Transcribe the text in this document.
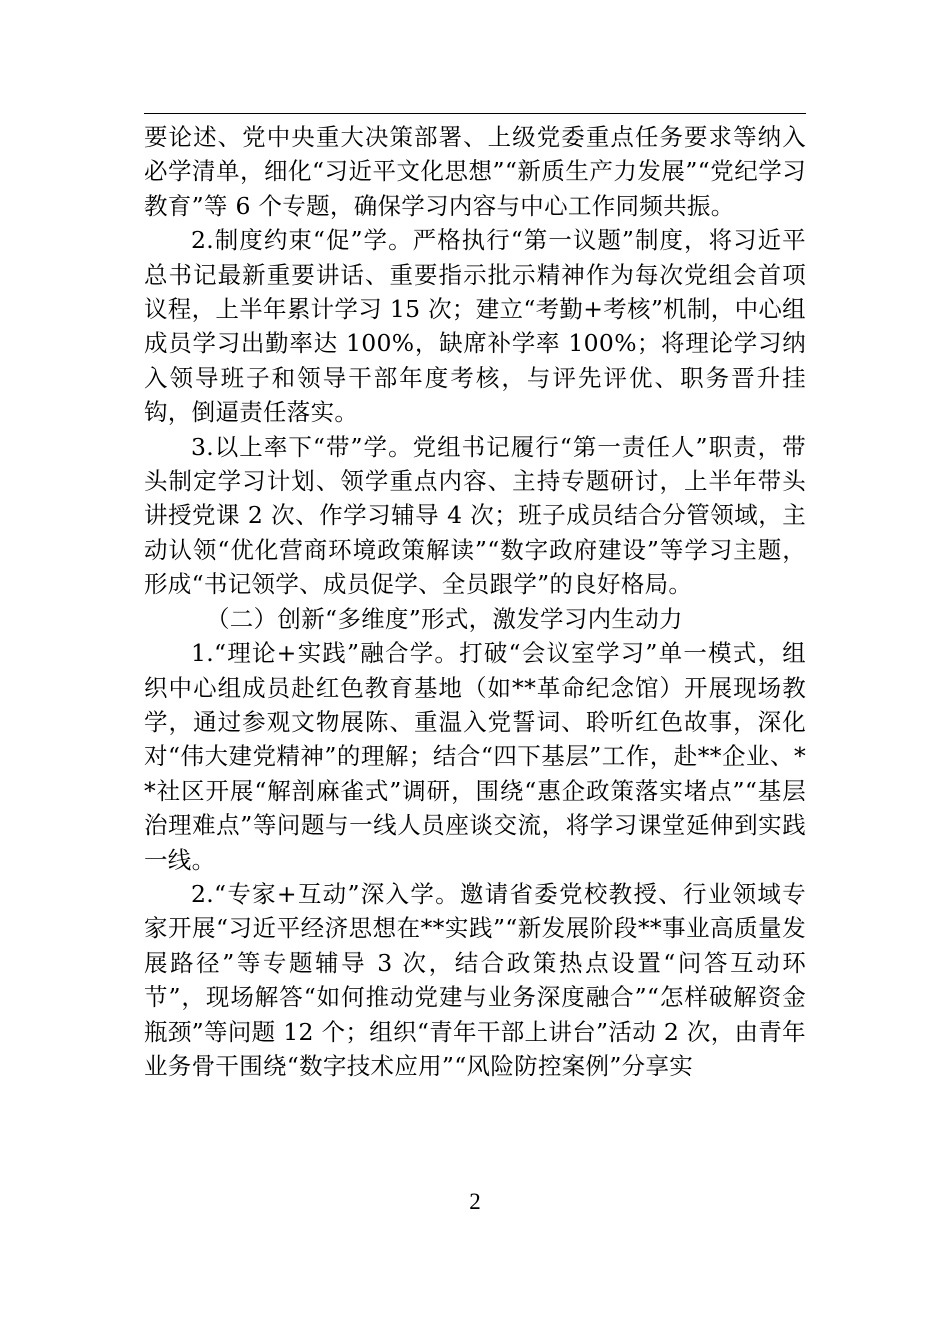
要论述、党中央重大决策部署、上级党委重点任务要求等纳入必学清单，细化“习近平文化思想”“新质生产力发展”“党纪学习教育”等 6 个专题，确保学习内容与中心工作同频共振。

2.制度约束“促”学。严格执行“第一议题”制度，将习近平总书记最新重要讲话、重要指示批示精神作为每次党组会首项议程，上半年累计学习 15 次；建立“考勤+考核”机制，中心组成员学习出勤率达 100%，缺席补学率 100%；将理论学习纳入领导班子和领导干部年度考核，与评先评优、职务晋升挂钩，倒逼责任落实。

3.以上率下“带”学。党组书记履行“第一责任人”职责，带头制定学习计划、领学重点内容、主持专题研讨，上半年带头讲授党课 2 次、作学习辅导 4 次；班子成员结合分管领域，主动认领“优化营商环境政策解读”“数字政府建设”等学习主题，形成“书记领学、成员促学、全员跟学”的良好格局。

（二）创新“多维度”形式，激发学习内生动力

1.“理论+实践”融合学。打破“会议室学习”单一模式，组织中心组成员赴红色教育基地（如**革命纪念馆）开展现场教学，通过参观文物展陈、重温入党誓词、聆听红色故事，深化对“伟大建党精神”的理解；结合“四下基层”工作，赴**企业、**社区开展“解剖麻雀式”调研，围绕“惠企政策落实堵点”“基层治理难点”等问题与一线人员座谈交流，将学习课堂延伸到实践一线。

2.“专家+互动”深入学。邀请省委党校教授、行业领域专家开展“习近平经济思想在**实践”“新发展阶段**事业高质量发展路径”等专题辅导 3 次，结合政策热点设置“问答互动环节”，现场解答“如何推动党建与业务深度融合”“怎样破解资金瓶颈”等问题 12 个；组织“青年干部上讲台”活动 2 次，由青年业务骨干围绕“数字技术应用”“风险防控案例”分享实

2
